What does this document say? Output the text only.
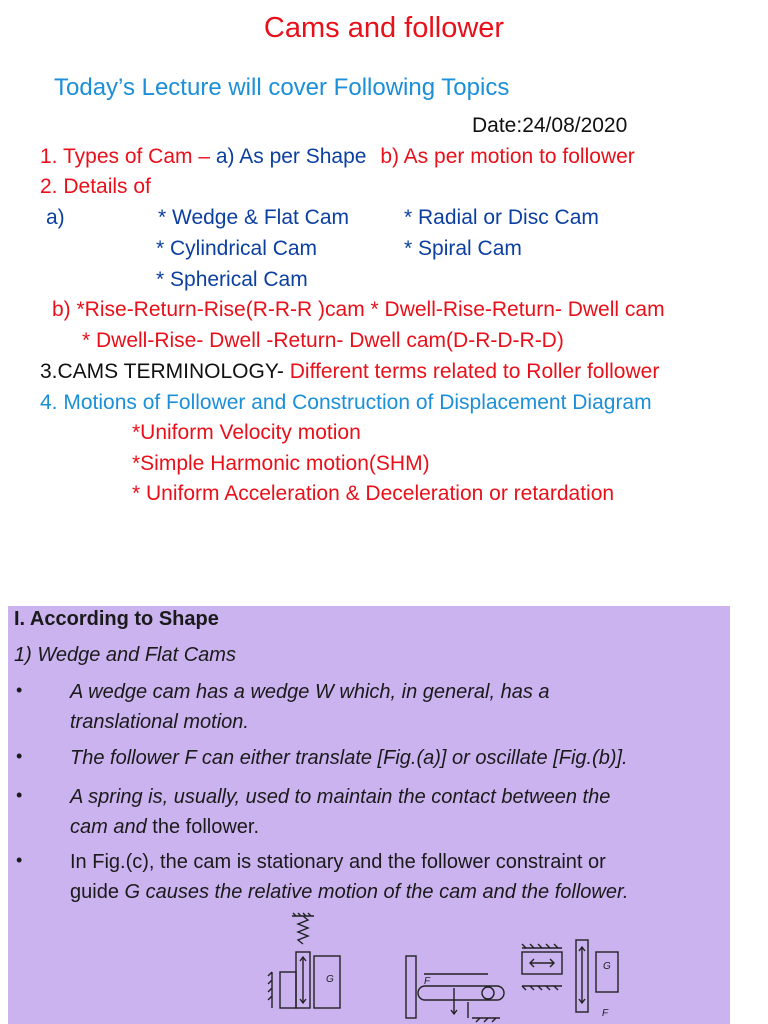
Cams and follower
Today’s Lecture will cover Following Topics
Date:24/08/2020
1. Types of Cam – a) As per Shape b) As per motion to follower
2. Details of
a)	* Wedge & Flat Cam	* Radial or Disc Cam
* Cylindrical Cam	* Spiral Cam
* Spherical Cam
b) *Rise-Return-Rise(R-R-R )cam * Dwell-Rise-Return- Dwell cam
* Dwell-Rise- Dwell -Return- Dwell cam(D-R-D-R-D)
3.CAMS TERMINOLOGY- Different terms related to Roller follower
4. Motions of Follower and Construction of Displacement Diagram
*Uniform Velocity motion
*Simple Harmonic motion(SHM)
* Uniform Acceleration & Deceleration or retardation
I. According to Shape
1) Wedge and Flat Cams
• A wedge cam has a wedge W which, in general, has a
translational motion.
• The follower F can either translate [Fig.(a)] or oscillate [Fig.(b)].
• A spring is, usually, used to maintain the contact between the
cam and the follower.
• In Fig.(c), the cam is stationary and the follower constraint or
guide G causes the relative motion of the cam and the follower.
G	F
G
F
